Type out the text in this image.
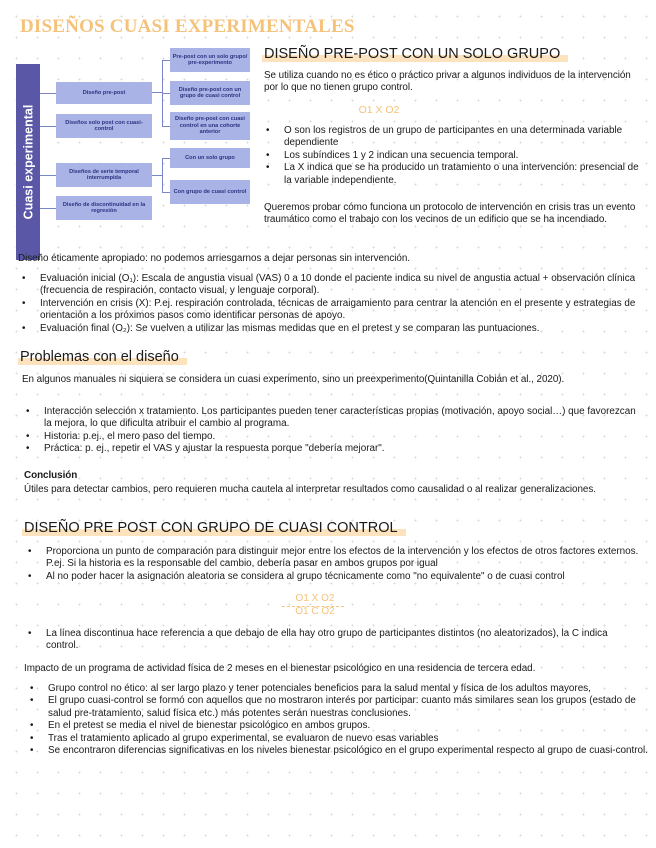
DISEÑOS CUASI EXPERIMENTALES
Cuasi experimental
Diseño pre-post
Diseños solo post con cuasi-control
Diseños de serie temporal interrumpida
Diseño de discontinuidad en la regresión
Pre-post con un solo grupo/ pre-experimento
Diseño pre-post con un grupo de cuasi control
Diseño pre-post con cuasi control en una cohorte anterior
Con un solo grupo
Con grupo de cuasi control
DISEÑO PRE-POST CON UN SOLO GRUPO

Se utiliza cuando no es ético o práctico privar a algunos individuos de la intervención por lo que no tienen grupo control.

O1 X O2

• O son los registros de un grupo de participantes en una determinada variable dependiente
• Los subíndices 1 y 2 indican una secuencia temporal.
• La X indica que se ha producido un tratamiento o una intervención: presencial de la variable independiente.

Queremos probar cómo funciona un protocolo de intervención en crisis tras un evento traumático como el trabajo con los vecinos de un edificio que se ha incendiado.

Diseño éticamente apropiado: no podemos arriesgarnos a dejar personas sin intervención.

• Evaluación inicial (O₁): Escala de angustia visual (VAS) 0 a 10 donde el paciente indica su nivel de angustia actual + observación clínica (frecuencia de respiración, contacto visual, y lenguaje corporal).
• Intervención en crisis (X): P.ej. respiración controlada, técnicas de arraigamiento para centrar la atención en el presente y estrategias de orientación a los próximos pasos como identificar personas de apoyo.
• Evaluación final (O₂): Se vuelven a utilizar las mismas medidas que en el pretest y se comparan las puntuaciones.
Problemas con el diseño

En algunos manuales ni siquiera se considera un cuasi experimento, sino un preexperimento(Quintanilla Cobián et al., 2020).

• Interacción selección x tratamiento. Los participantes pueden tener características propias (motivación, apoyo social…) que favorezcan la mejora, lo que dificulta atribuir el cambio al programa.
• Historia: p.ej., el mero paso del tiempo.
• Práctica: p. ej., repetir el VAS y ajustar la respuesta porque "debería mejorar".

Conclusión

Útiles para detectar cambios, pero requieren mucha cautela al interpretar resultados como causalidad o al realizar generalizaciones.

DISEÑO PRE POST CON GRUPO DE CUASI CONTROL
• Proporciona un punto de comparación para distinguir mejor entre los efectos de la intervención y los efectos de otros factores externos. P.ej. Si la historia es la responsable del cambio, debería pasar en ambos grupos por igual
• Al no poder hacer la asignación aleatoria se considera al grupo técnicamente como "no equivalente" o de cuasi control

O1 X O2

O1 C O2

• La línea discontinua hace referencia a que debajo de ella hay otro grupo de participantes distintos (no aleatorizados), la C indica control.

Impacto de un programa de actividad física de 2 meses en el bienestar psicológico en una residencia de tercera edad.

• Grupo control no ético: al ser largo plazo y tener potenciales beneficios para la salud mental y física de los adultos mayores,
• El grupo cuasi-control se formó con aquellos que no mostraron interés por participar: cuanto más similares sean los grupos (estado de salud pre-tratamiento, salud física etc.) más potentes serán nuestras conclusiones.
• En el pretest se media el nivel de bienestar psicológico en ambos grupos.
• Tras el tratamiento aplicado al grupo experimental, se evaluaron de nuevo esas variables
• Se encontraron diferencias significativas en los niveles bienestar psicológico en el grupo experimental respecto al grupo de cuasi-control.
